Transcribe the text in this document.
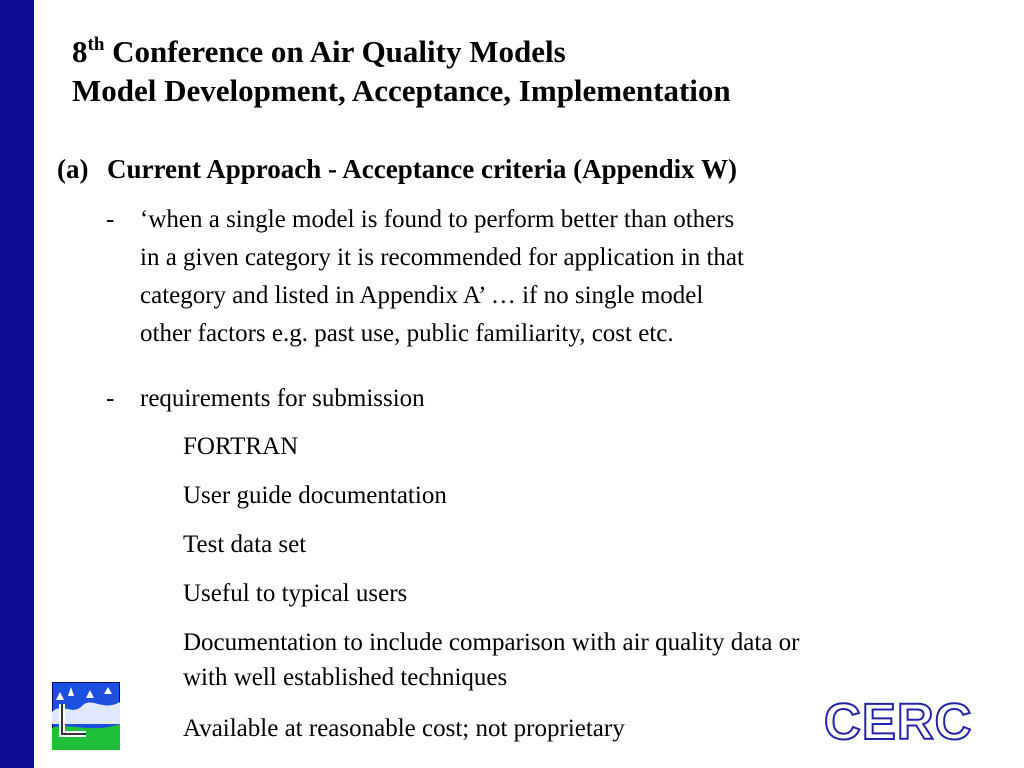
8th Conference on Air Quality Models
Model Development, Acceptance, Implementation
(a) Current Approach - Acceptance criteria (Appendix W)
- ‘when a single model is found to perform better than others
in a given category it is recommended for application in that
category and listed in Appendix A’ … if no single model
other factors e.g. past use, public familiarity, cost etc.
- requirements for submission

FORTRAN

User guide documentation

Test data set

Useful to typical users

Documentation to include comparison with air quality data or
with well established techniques

Available at reasonable cost; not proprietary	CERC
